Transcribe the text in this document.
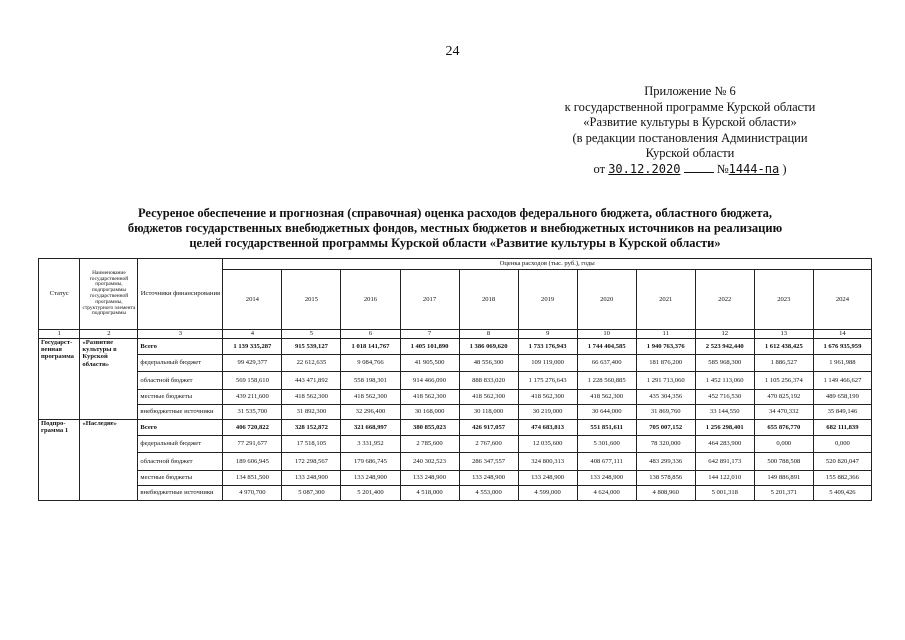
24
Приложение № 6
к государственной программе Курской области
«Развитие культуры в Курской области»
(в редакции постановления Администрации
Курской области
от 30.12.2020	№1444-па )
Ресуреное обеспечение и прогнозная (справочная) оценка расходов федерального бюджета, областного бюджета,
бюджетов государственных внебюджетных фондов, местных бюджетов и внебюджетных источников на реализацию
целей государственной программы Курской области «Развитие культуры в Курской области»
Статус	Наименование государственной программы, подпрограммы государственной программы, структурного элемента подпрограммы	Источники финансирования	Оценка расходов (тыс. руб.), годы										
			2014	2015	2016	2017	2018	2019	2020	2021	2022	2023	2024
1	2	3	4	5	6	7	8	9	10	11	12	13	14
Государст-венная программа	«Развитие культуры в Курской области»	Всего	1 139 335,287	915 539,127	1 018 141,767	1 405 101,890	1 386 069,620	1 733 176,943	1 744 404,585	1 940 763,376	2 523 942,440	1 612 438,425	1 676 935,959
		федеральный бюджет	99 429,377	22 612,635	9 084,766	41 905,500	48 556,300	109 119,000	66 637,400	181 876,200	585 968,300	1 886,527	1 961,988
		областной бюджет	569 158,610	443 471,892	558 198,301	914 466,090	888 833,020	1 175 276,643	1 228 560,885	1 291 713,060	1 452 113,060	1 105 256,374	1 149 466,627
		местные бюджеты	439 211,600	418 562,300	418 562,300	418 562,300	418 562,300	418 562,300	418 562,300	435 304,356	452 716,530	470 825,192	489 658,199
		внебюджетные источники	31 535,700	31 892,300	32 296,400	30 168,000	30 118,000	30 219,000	30 644,000	31 869,760	33 144,550	34 470,332	35 849,146
Подпро-грамма 1	«Наследие»	Всего	406 720,822	328 152,872	321 668,997	380 855,023	426 917,057	474 683,813	551 851,611	705 007,152	1 256 298,401	655 876,770	682 111,839
		федеральный бюджет	77 291,677	17 518,105	3 331,952	2 785,600	2 767,600	12 035,600	5 301,600	78 320,000	464 283,900	0,000	0,000
		областной бюджет	189 606,945	172 298,567	179 686,745	240 302,523	286 347,557	324 800,313	408 677,111	483 299,336	642 891,173	500 788,508	520 820,047
		местные бюджеты	134 851,500	133 248,900	133 248,900	133 248,900	133 248,900	133 248,900	133 248,900	138 578,856	144 122,010	149 886,891	155 882,366
		внебюджетные источники	4 970,700	5 087,300	5 201,400	4 518,000	4 553,000	4 599,000	4 624,000	4 808,960	5 001,318	5 201,371	5 409,426
